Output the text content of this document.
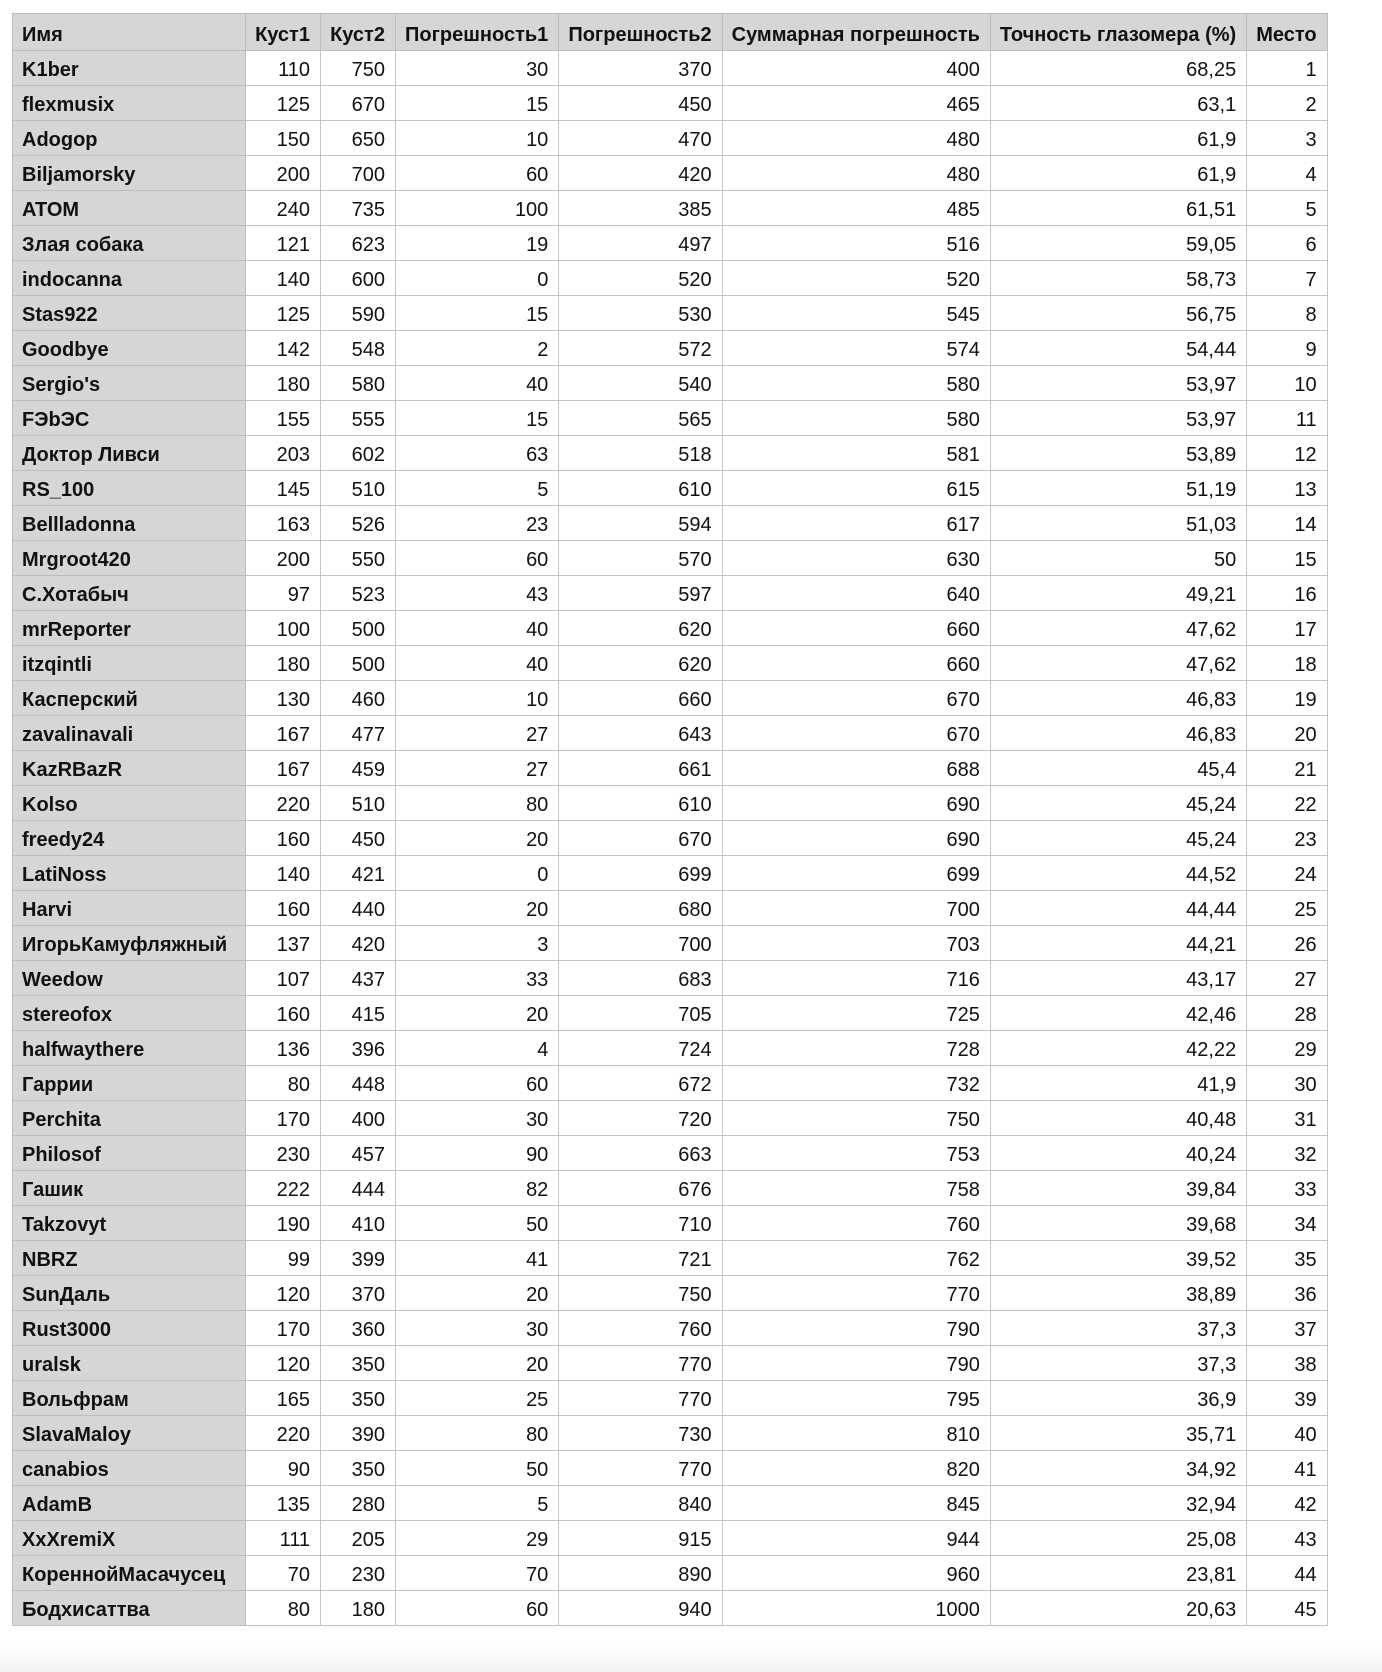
Имя	Куст1	Куст2	Погрешность1	Погрешность2	Суммарная погрешность	Точность глазомера (%)	Место
K1ber	110	750	30	370	400	68,25	1
flexmusix	125	670	15	450	465	63,1	2
Adogop	150	650	10	470	480	61,9	3
Biljamorsky	200	700	60	420	480	61,9	4
ATOM	240	735	100	385	485	61,51	5
Злая собака	121	623	19	497	516	59,05	6
indocanna	140	600	0	520	520	58,73	7
Stas922	125	590	15	530	545	56,75	8
Goodbye	142	548	2	572	574	54,44	9
Sergio's	180	580	40	540	580	53,97	10
FЭbЭС	155	555	15	565	580	53,97	11
Доктор Ливси	203	602	63	518	581	53,89	12
RS_100	145	510	5	610	615	51,19	13
Bellladonna	163	526	23	594	617	51,03	14
Mrgroot420	200	550	60	570	630	50	15
С.Хотабыч	97	523	43	597	640	49,21	16
mrReporter	100	500	40	620	660	47,62	17
itzqintli	180	500	40	620	660	47,62	18
Касперский	130	460	10	660	670	46,83	19
zavalinavali	167	477	27	643	670	46,83	20
KazRBazR	167	459	27	661	688	45,4	21
Kolso	220	510	80	610	690	45,24	22
freedy24	160	450	20	670	690	45,24	23
LatiNoss	140	421	0	699	699	44,52	24
Harvi	160	440	20	680	700	44,44	25
ИгорьКамуфляжный	137	420	3	700	703	44,21	26
Weedow	107	437	33	683	716	43,17	27
stereofox	160	415	20	705	725	42,46	28
halfwaythere	136	396	4	724	728	42,22	29
Гаррии	80	448	60	672	732	41,9	30
Perchita	170	400	30	720	750	40,48	31
Philosof	230	457	90	663	753	40,24	32
Гашик	222	444	82	676	758	39,84	33
Takzovyt	190	410	50	710	760	39,68	34
NBRZ	99	399	41	721	762	39,52	35
SunДаль	120	370	20	750	770	38,89	36
Rust3000	170	360	30	760	790	37,3	37
uralsk	120	350	20	770	790	37,3	38
Вольфрам	165	350	25	770	795	36,9	39
SlavaMaloy	220	390	80	730	810	35,71	40
canabios	90	350	50	770	820	34,92	41
AdamB	135	280	5	840	845	32,94	42
XxXremiX	111	205	29	915	944	25,08	43
КореннойМасачусец	70	230	70	890	960	23,81	44
Бодхисаттва	80	180	60	940	1000	20,63	45
